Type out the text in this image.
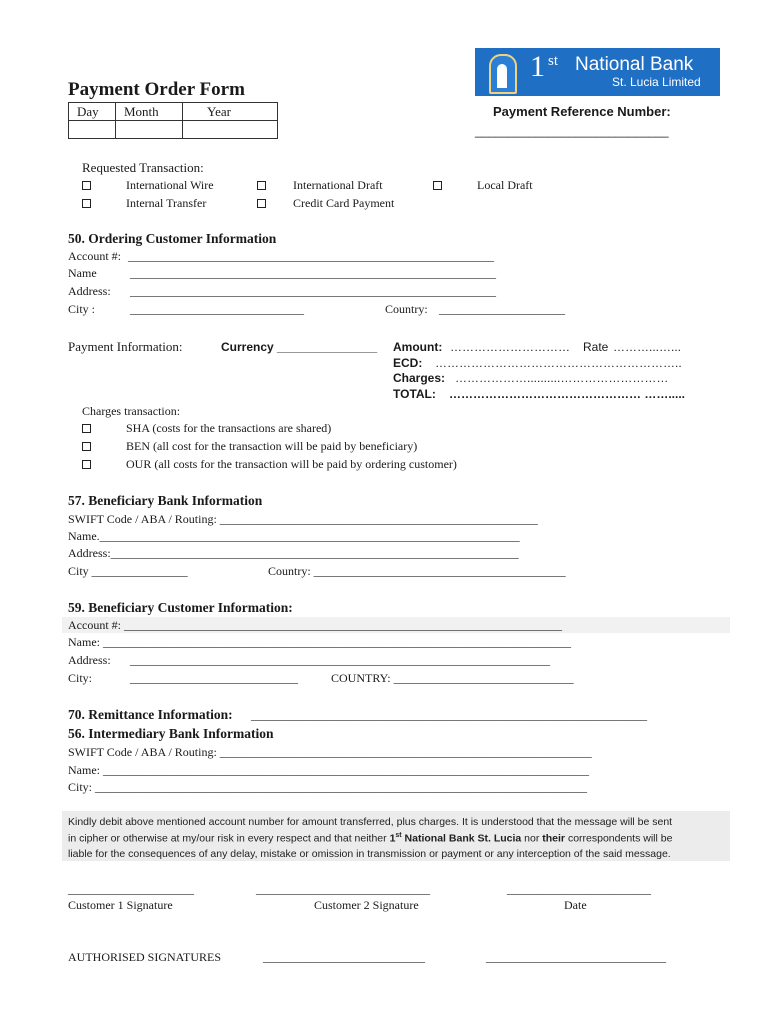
1 st National Bank
St. Lucia Limited
Payment Order Form
Day	Month	Year
			Payment Reference Number:
_____________________________
Requested Transaction:
International Wire	International Draft	Local Draft
Internal Transfer	Credit Card Payment
50. Ordering Customer Information
Account #: _____________________________________________________________
Name	_____________________________________________________________
Address: _____________________________________________________________
City :	_____________________________	Country: _____________________
Payment Information:	Currency _______________ Amount: ………………………… Rate ………...…...
ECD: ……………………………………………………..
Charges: ………………..........………………………
TOTAL: ………………………………………… …….....
Charges transaction:
SHA (costs for the transactions are shared)
BEN (all cost for the transaction will be paid by beneficiary)
OUR (all costs for the transaction will be paid by ordering customer)
57. Beneficiary Bank Information
SWIFT Code / ABA / Routing: _____________________________________________________
Name.______________________________________________________________________
Address:____________________________________________________________________
City ________________	Country: __________________________________________
59. Beneficiary Customer Information:
Account #: _________________________________________________________________________
Name: ______________________________________________________________________________
Address: ______________________________________________________________________
City:	____________________________	COUNTRY: ______________________________
70. Remittance Information: __________________________________________________________________
56. Intermediary Bank Information
SWIFT Code / ABA / Routing: ______________________________________________________________
Name: _________________________________________________________________________________
City: __________________________________________________________________________________
Kindly debit above mentioned account number for amount transferred, plus charges. It is understood that the message will be sent
in cipher or otherwise at my/our risk in every respect and that neither 1st National Bank St. Lucia nor their correspondents will be
liable for the consequences of any delay, mistake or omission in transmission or payment or any interception of the said message.
_____________________	_____________________________	________________________
Customer 1 Signature	Customer 2 Signature	Date
AUTHORISED SIGNATURES	___________________________	______________________________
